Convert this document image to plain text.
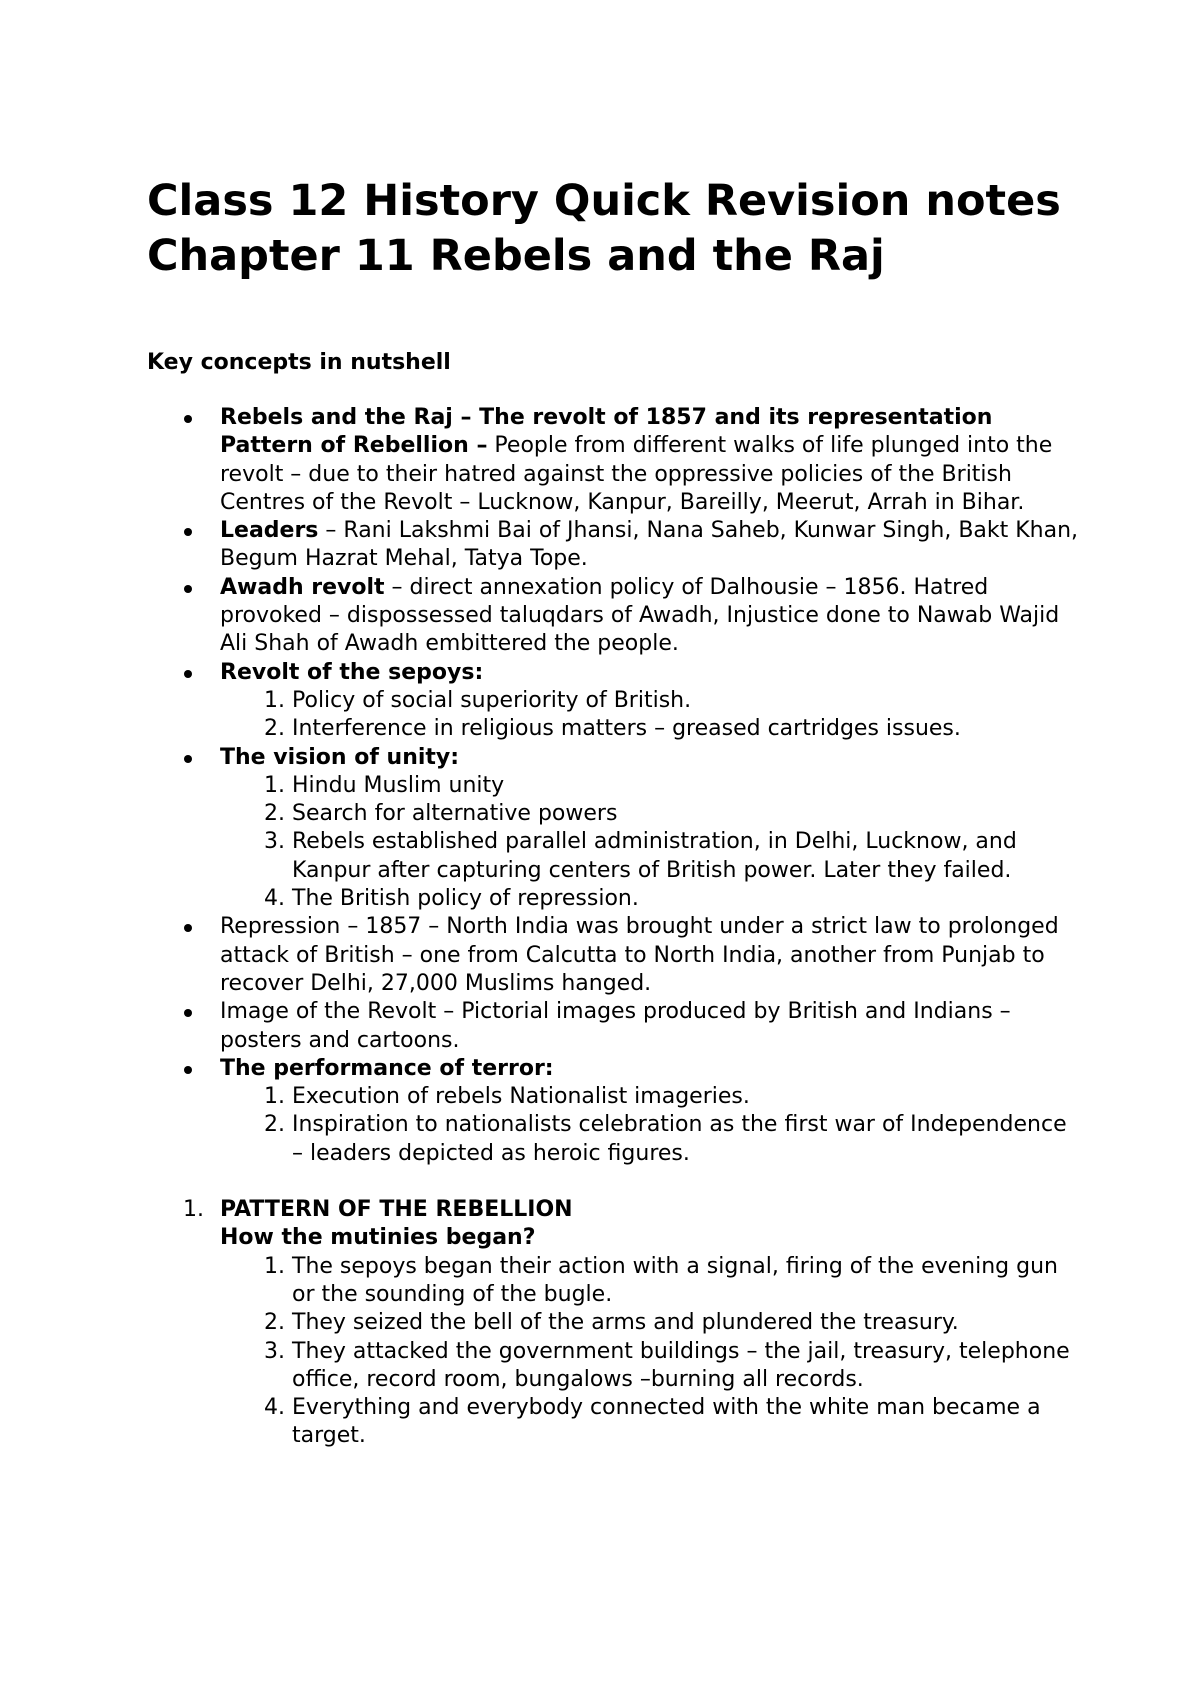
Class 12 History Quick Revision notes Chapter 11 Rebels and the Raj

Key concepts in nutshell

Rebels and the Raj – The revolt of 1857 and its representation Pattern of Rebellion – People from different walks of life plunged into the revolt – due to their hatred against the oppressive policies of the British Centres of the Revolt – Lucknow, Kanpur, Bareilly, Meerut, Arrah in Bihar.
Leaders – Rani Lakshmi Bai of Jhansi, Nana Saheb, Kunwar Singh, Bakt Khan, Begum Hazrat Mehal, Tatya Tope.
Awadh revolt – direct annexation policy of Dalhousie – 1856. Hatred provoked – dispossessed taluqdars of Awadh, Injustice done to Nawab Wajid Ali Shah of Awadh embittered the people.
Revolt of the sepoys:
1. Policy of social superiority of British.
2. Interference in religious matters – greased cartridges issues.
The vision of unity:
1. Hindu Muslim unity
2. Search for alternative powers
3. Rebels established parallel administration, in Delhi, Lucknow, and Kanpur after capturing centers of British power. Later they failed.
4. The British policy of repression.
Repression – 1857 – North India was brought under a strict law to prolonged attack of British – one from Calcutta to North India, another from Punjab to recover Delhi, 27,000 Muslims hanged.
Image of the Revolt – Pictorial images produced by British and Indians – posters and cartoons.
The performance of terror:
1. Execution of rebels Nationalist imageries.
2. Inspiration to nationalists celebration as the first war of Independence – leaders depicted as heroic figures.
1. PATTERN OF THE REBELLION
How the mutinies began?
1. The sepoys began their action with a signal, firing of the evening gun or the sounding of the bugle.
2. They seized the bell of the arms and plundered the treasury.
3. They attacked the government buildings – the jail, treasury, telephone office, record room, bungalows –burning all records.
4. Everything and everybody connected with the white man became a target.
